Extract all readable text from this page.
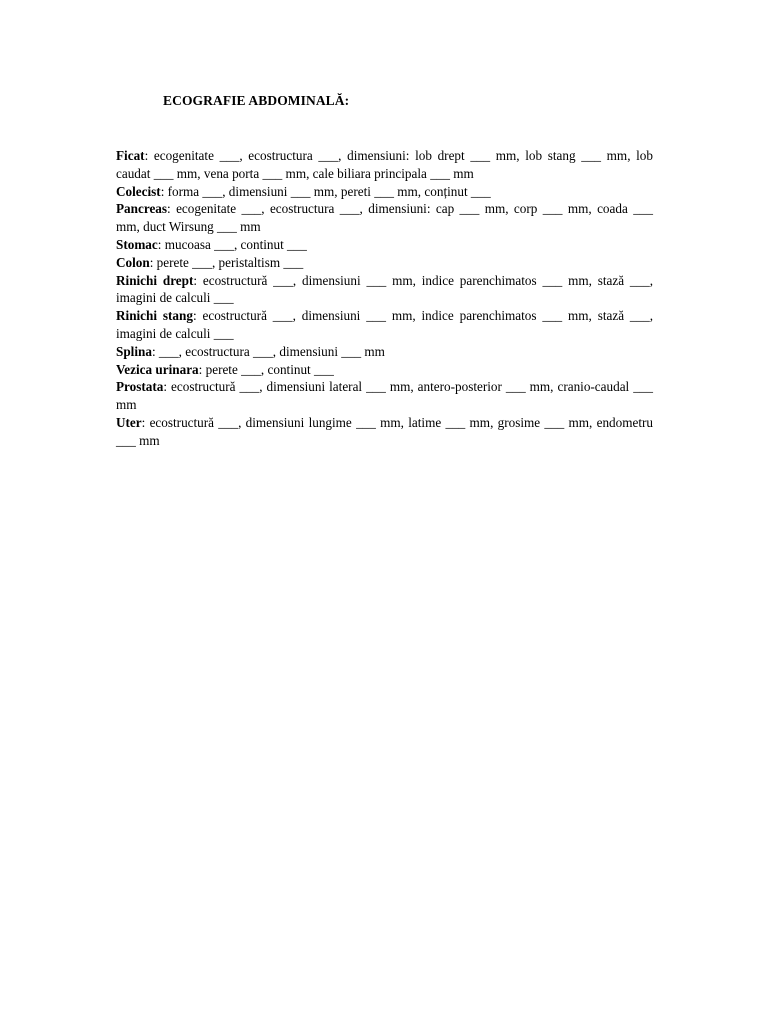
ECOGRAFIE ABDOMINALĂ:
Ficat: ecogenitate ___, ecostructura ___, dimensiuni: lob drept ___ mm, lob stang ___ mm, lob caudat ___ mm, vena porta ___ mm, cale biliara principala ___ mm
Colecist: forma ___, dimensiuni ___ mm, pereti ___ mm, conținut ___
Pancreas: ecogenitate ___, ecostructura ___, dimensiuni: cap ___ mm, corp ___ mm, coada ___ mm, duct Wirsung ___ mm
Stomac: mucoasa ___, continut ___
Colon: perete ___, peristaltism ___
Rinichi drept: ecostructură ___, dimensiuni ___ mm, indice parenchimatos ___ mm, stază ___, imagini de calculi ___
Rinichi stang: ecostructură ___, dimensiuni ___ mm, indice parenchimatos ___ mm, stază ___, imagini de calculi ___
Splina: ___, ecostructura ___, dimensiuni ___ mm
Vezica urinara: perete ___, continut ___
Prostata: ecostructură ___, dimensiuni lateral ___ mm, antero-posterior ___ mm, cranio-caudal ___ mm
Uter: ecostructură ___, dimensiuni lungime ___ mm, latime ___ mm, grosime ___ mm, endometru ___ mm
